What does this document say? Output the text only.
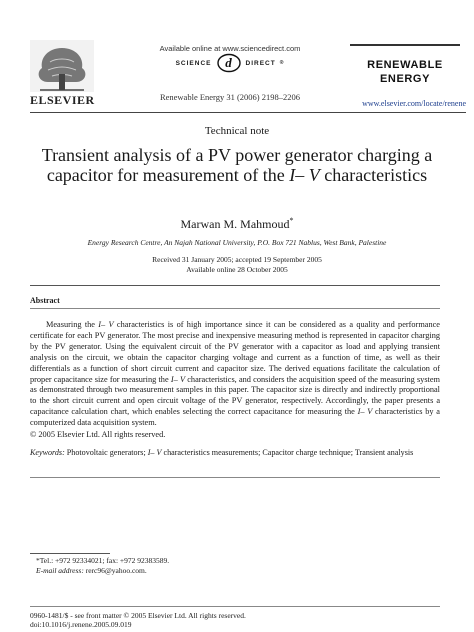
ELSEVIER
Available online at www.sciencedirect.com
SCIENCE d DIRECT ®
Renewable Energy 31 (2006) 2198–2206
RENEWABLE
ENERGY
www.elsevier.com/locate/renene
Technical note
Transient analysis of a PV power generator charging a capacitor for measurement of the I– V characteristics
Marwan M. Mahmoud*
Energy Research Centre, An Najah National University, P.O. Box 721 Nablus, West Bank, Palestine
Received 31 January 2005; accepted 19 September 2005
Available online 28 October 2005
Abstract
Measuring the I– V characteristics is of high importance since it can be considered as a quality and performance certificate for each PV generator. The most precise and inexpensive measuring method is represented in capacitor charging by the PV generator. Using the equivalent circuit of the PV generator with a capacitor as load and applying transient analysis on the circuit, we obtain the capacitor charging voltage and current as a function of time, as well as their differentials as a function of short circuit current and capacitor size. The derived equations facilitate the calculation of proper capacitance size for measuring the I– V characteristics, and considers the acquisition speed of the measuring system as demonstrated through two measurement samples in this paper. The capacitor size is directly and indirectly proportional to the short circuit current and open circuit voltage of the PV generator, respectively. Accordingly, the paper presents a capacitance calculation chart, which enables selecting the correct capacitance for measuring the I– V characteristics by a computerized data acquisition system.
© 2005 Elsevier Ltd. All rights reserved.
Keywords: Photovoltaic generators; I– V characteristics measurements; Capacitor charge technique; Transient analysis
*Tel.: +972 92334021; fax: +972 92383589.
E-mail address: rerc96@yahoo.com.
0960-1481/$ - see front matter © 2005 Elsevier Ltd. All rights reserved.
doi:10.1016/j.renene.2005.09.019
